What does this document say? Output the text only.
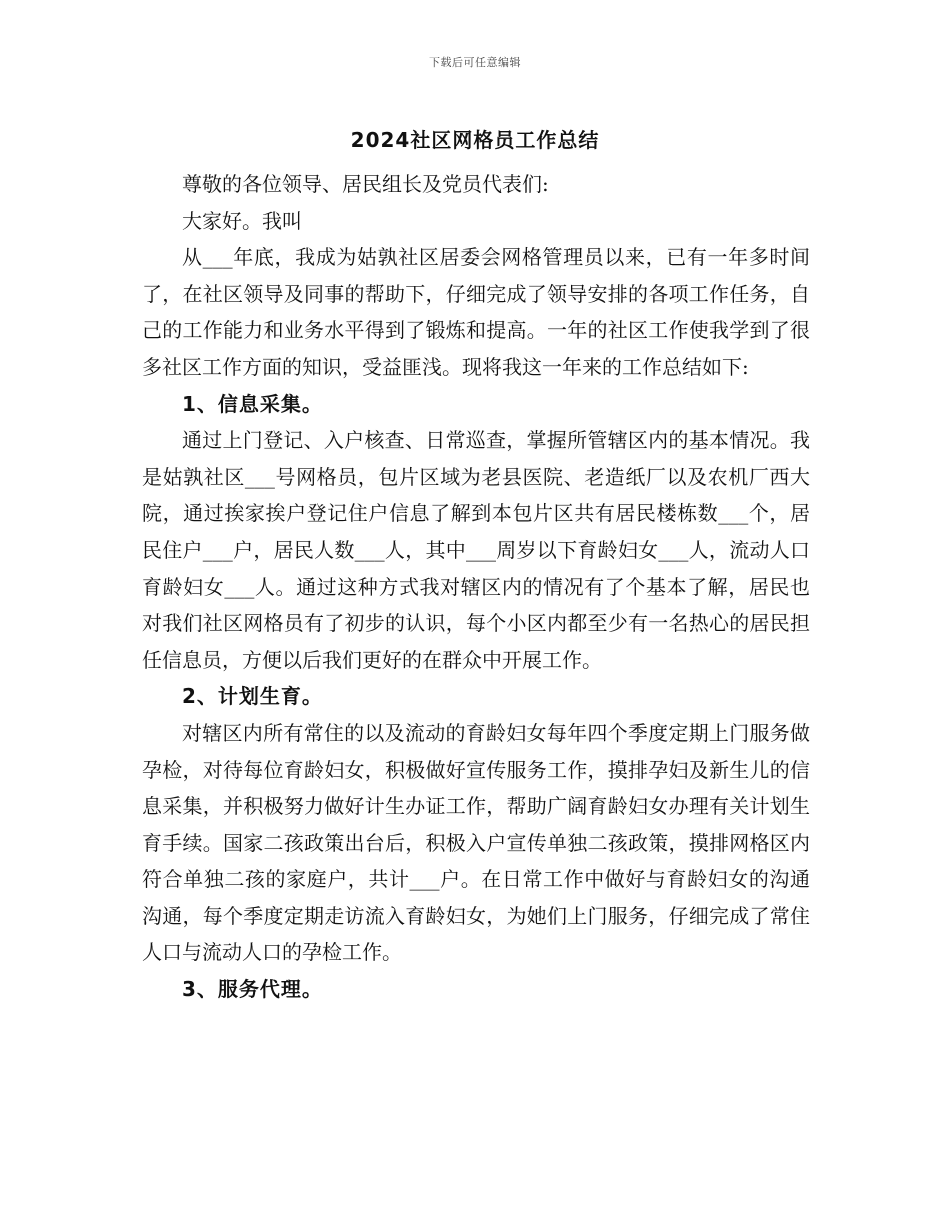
下载后可任意编辑
2024社区网格员工作总结

尊敬的各位领导、居民组长及党员代表们:

大家好。我叫

从___年底，我成为姑孰社区居委会网格管理员以来，已有一年多时间了，在社区领导及同事的帮助下，仔细完成了领导安排的各项工作任务，自己的工作能力和业务水平得到了锻炼和提高。一年的社区工作使我学到了很多社区工作方面的知识，受益匪浅。现将我这一年来的工作总结如下:

1、信息采集。

通过上门登记、入户核查、日常巡查，掌握所管辖区内的基本情况。我是姑孰社区___号网格员，包片区域为老县医院、老造纸厂以及农机厂西大院，通过挨家挨户登记住户信息了解到本包片区共有居民楼栋数___个，居民住户___户，居民人数___人，其中___周岁以下育龄妇女___人，流动人口育龄妇女___人。通过这种方式我对辖区内的情况有了个基本了解，居民也对我们社区网格员有了初步的认识，每个小区内都至少有一名热心的居民担任信息员，方便以后我们更好的在群众中开展工作。

2、计划生育。

对辖区内所有常住的以及流动的育龄妇女每年四个季度定期上门服务做孕检，对待每位育龄妇女，积极做好宣传服务工作，摸排孕妇及新生儿的信息采集，并积极努力做好计生办证工作，帮助广阔育龄妇女办理有关计划生育手续。国家二孩政策出台后，积极入户宣传单独二孩政策，摸排网格区内符合单独二孩的家庭户，共计___户。在日常工作中做好与育龄妇女的沟通沟通，每个季度定期走访流入育龄妇女，为她们上门服务，仔细完成了常住人口与流动人口的孕检工作。

3、服务代理。
